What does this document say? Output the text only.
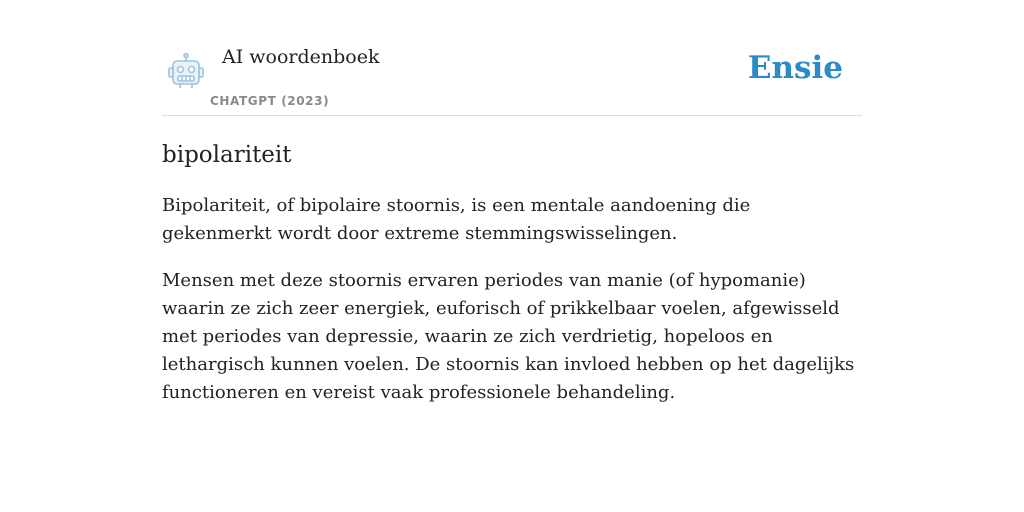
AI woordenboek
CHATGPT (2023)
Ensie
bipolariteit

Bipolariteit, of bipolaire stoornis, is een mentale aandoening die gekenmerkt wordt door extreme stemmingswisselingen.

Mensen met deze stoornis ervaren periodes van manie (of hypomanie) waarin ze zich zeer energiek, euforisch of prikkelbaar voelen, afgewisseld met periodes van depressie, waarin ze zich verdrietig, hopeloos en lethargisch kunnen voelen. De stoornis kan invloed hebben op het dagelijks functioneren en vereist vaak professionele behandeling.
